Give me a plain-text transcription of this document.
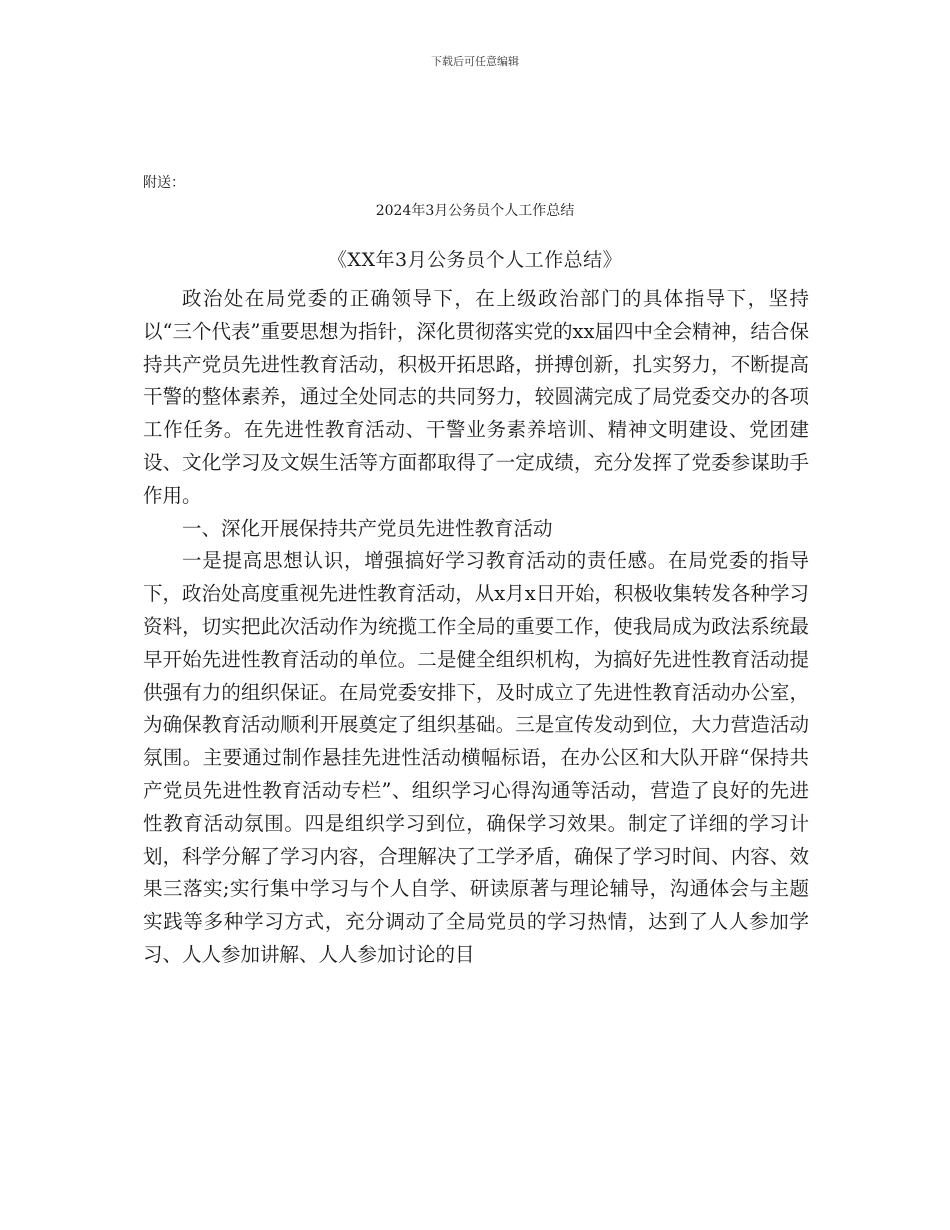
下载后可任意编辑
附送：
2024年3月公务员个人工作总结
《XX年3月公务员个人工作总结》

政治处在局党委的正确领导下，在上级政治部门的具体指导下，坚持以“三个代表”重要思想为指针，深化贯彻落实党的xx届四中全会精神，结合保持共产党员先进性教育活动，积极开拓思路，拼搏创新，扎实努力，不断提高干警的整体素养，通过全处同志的共同努力，较圆满完成了局党委交办的各项工作任务。在先进性教育活动、干警业务素养培训、精神文明建设、党团建设、文化学习及文娱生活等方面都取得了一定成绩，充分发挥了党委参谋助手作用。

一、深化开展保持共产党员先进性教育活动

一是提高思想认识，增强搞好学习教育活动的责任感。在局党委的指导下，政治处高度重视先进性教育活动，从x月x日开始，积极收集转发各种学习资料，切实把此次活动作为统揽工作全局的重要工作，使我局成为政法系统最早开始先进性教育活动的单位。二是健全组织机构，为搞好先进性教育活动提供强有力的组织保证。在局党委安排下，及时成立了先进性教育活动办公室，为确保教育活动顺利开展奠定了组织基础。三是宣传发动到位，大力营造活动氛围。主要通过制作悬挂先进性活动横幅标语，在办公区和大队开辟“保持共产党员先进性教育活动专栏”、组织学习心得沟通等活动，营造了良好的先进性教育活动氛围。四是组织学习到位，确保学习效果。制定了详细的学习计划，科学分解了学习内容，合理解决了工学矛盾，确保了学习时间、内容、效果三落实;实行集中学习与个人自学、研读原著与理论辅导，沟通体会与主题实践等多种学习方式，充分调动了全局党员的学习热情，达到了人人参加学习、人人参加讲解、人人参加讨论的目
